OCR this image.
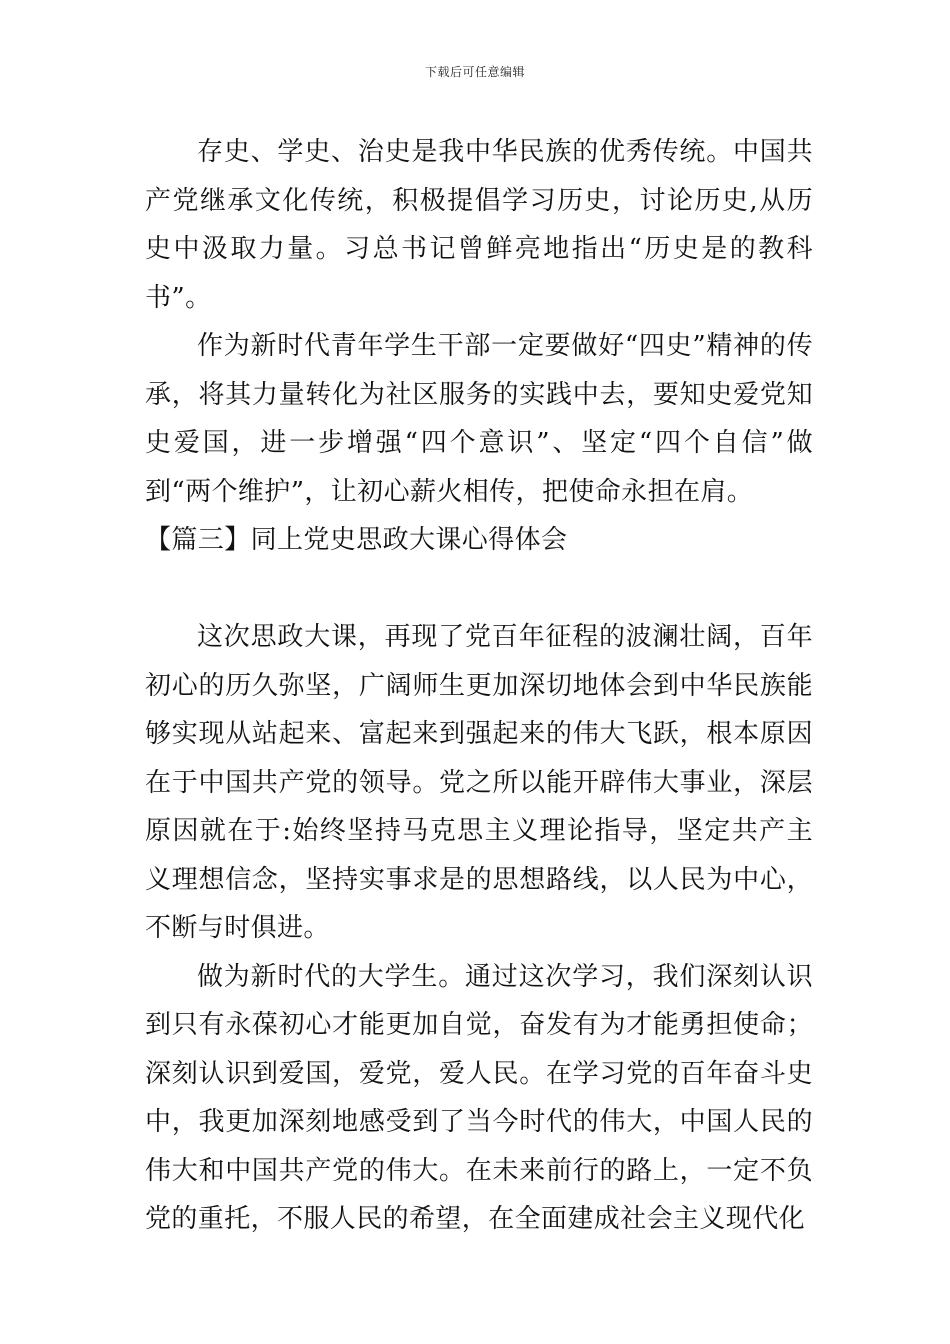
下载后可任意编辑

存史、学史、治史是我中华民族的优秀传统。中国共产党继承文化传统，积极提倡学习历史，讨论历史,从历史中汲取力量。习总书记曾鲜亮地指出“历史是的教科书”。

作为新时代青年学生干部一定要做好“四史”精神的传承，将其力量转化为社区服务的实践中去，要知史爱党知史爱国，进一步增强“四个意识”、坚定“四个自信”做到“两个维护”，让初心薪火相传，把使命永担在肩。

【篇三】同上党史思政大课心得体会

这次思政大课，再现了党百年征程的波澜壮阔，百年初心的历久弥坚，广阔师生更加深切地体会到中华民族能够实现从站起来、富起来到强起来的伟大飞跃，根本原因在于中国共产党的领导。党之所以能开辟伟大事业，深层原因就在于:始终坚持马克思主义理论指导，坚定共产主义理想信念，坚持实事求是的思想路线，以人民为中心，不断与时俱进。

做为新时代的大学生。通过这次学习，我们深刻认识到只有永葆初心才能更加自觉，奋发有为才能勇担使命；深刻认识到爱国，爱党，爱人民。在学习党的百年奋斗史中，我更加深刻地感受到了当今时代的伟大，中国人民的伟大和中国共产党的伟大。在未来前行的路上，一定不负党的重托，不服人民的希望，在全面建成社会主义现代化
